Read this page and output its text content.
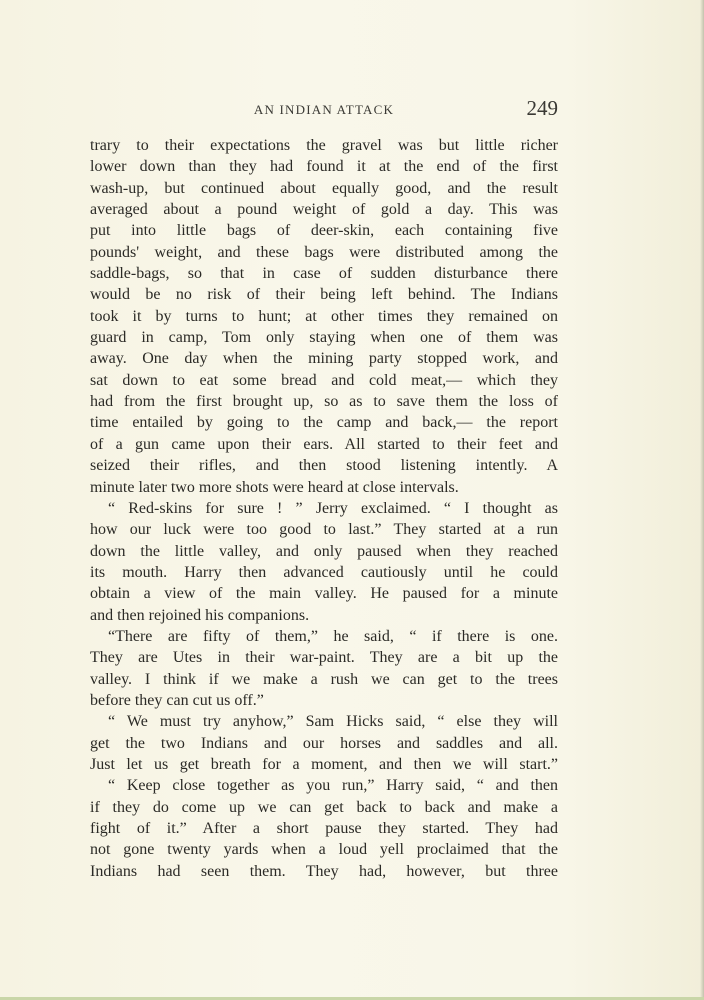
AN INDIAN ATTACK	249
trary to their expectations the gravel was but little richer
lower down than they had found it at the end of the first
wash-up, but continued about equally good, and the result
averaged about a pound weight of gold a day. This was
put into little bags of deer-skin, each containing five
pounds' weight, and these bags were distributed among the
saddle-bags, so that in case of sudden disturbance there
would be no risk of their being left behind. The Indians
took it by turns to hunt; at other times they remained on
guard in camp, Tom only staying when one of them was
away. One day when the mining party stopped work, and
sat down to eat some bread and cold meat,— which they
had from the first brought up, so as to save them the loss of
time entailed by going to the camp and back,— the report
of a gun came upon their ears. All started to their feet and
seized their rifles, and then stood listening intently. A
minute later two more shots were heard at close intervals.
“ Red-skins for sure ! ” Jerry exclaimed. “ I thought as
how our luck were too good to last.” They started at a run
down the little valley, and only paused when they reached
its mouth. Harry then advanced cautiously until he could
obtain a view of the main valley. He paused for a minute
and then rejoined his companions.
“There are fifty of them,” he said, “ if there is one.
They are Utes in their war-paint. They are a bit up the
valley. I think if we make a rush we can get to the trees
before they can cut us off.”
“ We must try anyhow,” Sam Hicks said, “ else they will
get the two Indians and our horses and saddles and all.
Just let us get breath for a moment, and then we will start.”
“ Keep close together as you run,” Harry said, “ and then
if they do come up we can get back to back and make a
fight of it.” After a short pause they started. They had
not gone twenty yards when a loud yell proclaimed that the
Indians had seen them. They had, however, but three
